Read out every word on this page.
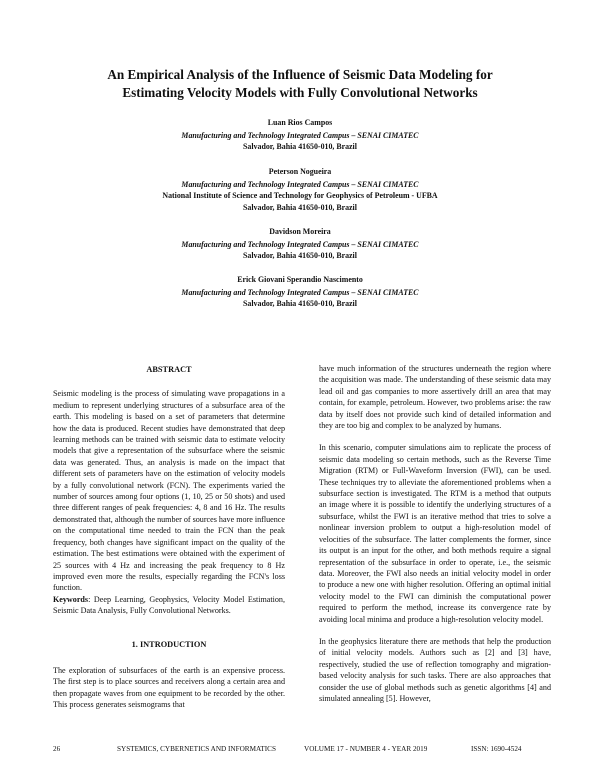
An Empirical Analysis of the Influence of Seismic Data Modeling for
Estimating Velocity Models with Fully Convolutional Networks
Luan Rios Campos
Manufacturing and Technology Integrated Campus – SENAI CIMATEC
Salvador, Bahia 41650-010, Brazil
Peterson Nogueira
Manufacturing and Technology Integrated Campus – SENAI CIMATEC
National Institute of Science and Technology for Geophysics of Petroleum - UFBA
Salvador, Bahia 41650-010, Brazil
Davidson Moreira
Manufacturing and Technology Integrated Campus – SENAI CIMATEC
Salvador, Bahia 41650-010, Brazil
Erick Giovani Sperandio Nascimento
Manufacturing and Technology Integrated Campus – SENAI CIMATEC
Salvador, Bahia 41650-010, Brazil
ABSTRACT

Seismic modeling is the process of simulating wave propagations in a medium to represent underlying structures of a subsurface area of the earth. This modeling is based on a set of parameters that determine how the data is produced. Recent studies have demonstrated that deep learning methods can be trained with seismic data to estimate velocity models that give a representation of the subsurface where the seismic data was generated. Thus, an analysis is made on the impact that different sets of parameters have on the estimation of velocity models by a fully convolutional network (FCN). The experiments varied the number of sources among four options (1, 10, 25 or 50 shots) and used three different ranges of peak frequencies: 4, 8 and 16 Hz. The results demonstrated that, although the number of sources have more influence on the computational time needed to train the FCN than the peak frequency, both changes have significant impact on the quality of the estimation. The best estimations were obtained with the experiment of 25 sources with 4 Hz and increasing the peak frequency to 8 Hz improved even more the results, especially regarding the FCN's loss function.

Keywords: Deep Learning, Geophysics, Velocity Model Estimation, Seismic Data Analysis, Fully Convolutional Networks.

1. INTRODUCTION

The exploration of subsurfaces of the earth is an expensive process. The first step is to place sources and receivers along a certain area and then propagate waves from one equipment to be recorded by the other. This process generates seismograms that

have much information of the structures underneath the region where the acquisition was made. The understanding of these seismic data may lead oil and gas companies to more assertively drill an area that may contain, for example, petroleum. However, two problems arise: the raw data by itself does not provide such kind of detailed information and they are too big and complex to be analyzed by humans.

In this scenario, computer simulations aim to replicate the process of seismic data modeling so certain methods, such as the Reverse Time Migration (RTM) or Full-Waveform Inversion (FWI), can be used. These techniques try to alleviate the aforementioned problems when a subsurface section is investigated. The RTM is a method that outputs an image where it is possible to identify the underlying structures of a subsurface, whilst the FWI is an iterative method that tries to solve a nonlinear inversion problem to output a high-resolution model of velocities of the subsurface. The latter complements the former, since its output is an input for the other, and both methods require a signal representation of the subsurface in order to operate, i.e., the seismic data. Moreover, the FWI also needs an initial velocity model in order to produce a new one with higher resolution. Offering an optimal initial velocity model to the FWI can diminish the computational power required to perform the method, increase its convergence rate by avoiding local minima and produce a high-resolution velocity model.

In the geophysics literature there are methods that help the production of initial velocity models. Authors such as [2] and [3] have, respectively, studied the use of reflection tomography and migration-based velocity analysis for such tasks. There are also approaches that consider the use of global methods such as genetic algorithms [4] and simulated annealing [5]. However,

26	SYSTEMICS, CYBERNETICS AND INFORMATICS	VOLUME 17 - NUMBER 4 - YEAR 2019	ISSN: 1690-4524
